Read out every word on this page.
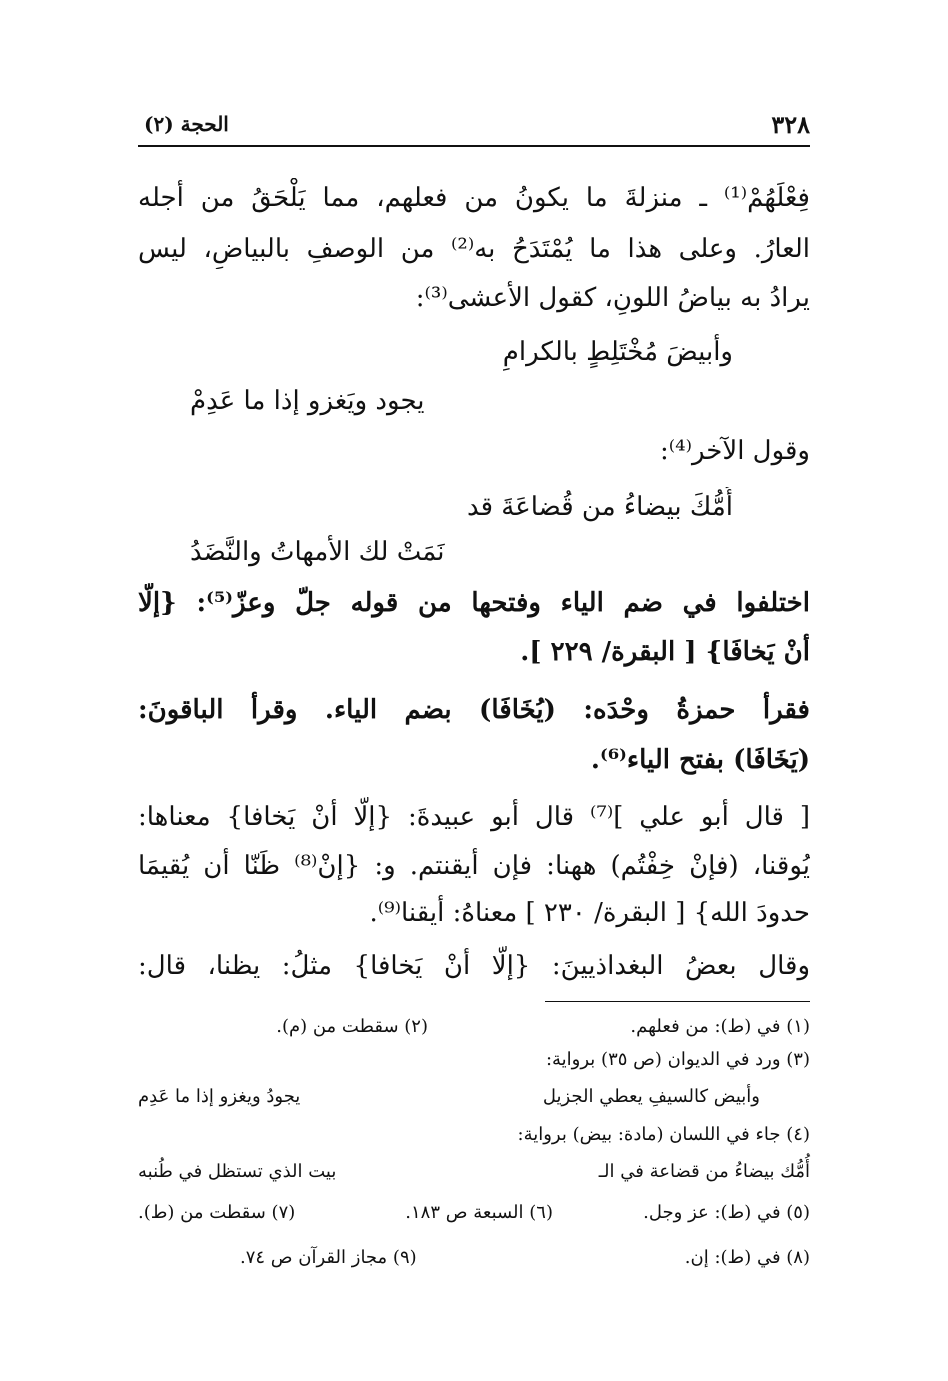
٣٢٨
الحجة (٢)
فِعْلَهُمْ⁽¹⁾ ـ منزلةَ ما يكونُ من فعلهم، مما يَلْحَقُ من أجله
العارُ. وعلى هذا ما يُمْتَدَحُ به⁽²⁾ من الوصفِ بالبياضِ، ليس
يرادُ به بياضُ اللونِ، كقول الأعشى⁽³⁾:
وأبيضَ مُخْتَلِطٍ بالكرامِ
يجود ويَغزو إذا ما عَدِمْ
وقول الآخر⁽⁴⁾:
أُمُّكَ بيضاءُ من قُضاعَةَ قد
نَمَتْ لك الأمهاتُ والنَّضَدُ
اختلفوا في ضم الياء وفتحها من قوله جلّ وعزّ⁽⁵⁾: {إلّا
أنْ يَخافَا} [ البقرة/ ٢٢٩ ].
فقرأ حمزةُ وحْدَه: (يُخَافَا) بضم الياء. وقرأ الباقونَ:
(يَخَافَا) بفتح الياء⁽⁶⁾.
[ قال أبو علي ]⁽⁷⁾ قال أبو عبيدةَ: {إلّا أنْ يَخافا} معناها:
يُوقنا، (فإنْ خِفْتُم) ههنا: فإن أيقنتم. و: {إنْ⁽⁸⁾ ظَنّا أن يُقيمَا
حدودَ الله} [ البقرة/ ٢٣٠ ] معناهُ: أيقنا⁽⁹⁾.
وقال بعضُ البغداذيينَ: {إلّا أنْ يَخافا} مثلُ: يظنا، قال:
(١) في (ط): من فعلهم.
(٢) سقطت من (م).
(٣) ورد في الديوان (ص ٣٥) برواية:
وأبيض كالسيفِ يعطي الجزيل
يجودُ ويغزو إذا ما عَدِم
(٤) جاء في اللسان (مادة: بيض) برواية:
أُمُّك بيضاءُ من قضاعة في الـ
بيت الذي تستظل في طُنبه
(٥) في (ط): عز وجل.
(٦) السبعة ص ١٨٣.
(٧) سقطت من (ط).
(٨) في (ط): إن.
(٩) مجاز القرآن ص ٧٤.
